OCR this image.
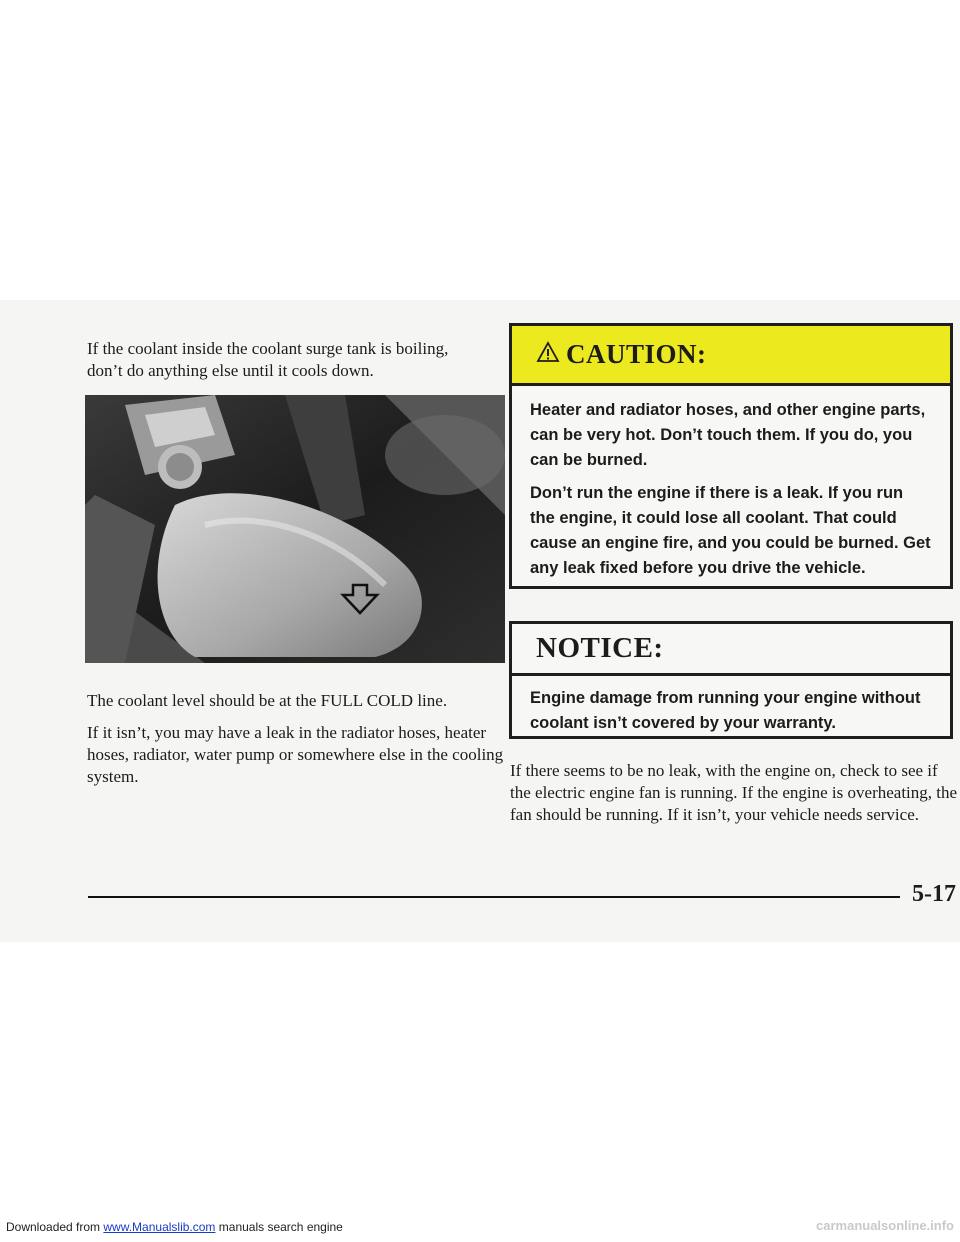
If the coolant inside the coolant surge tank is boiling, don’t do anything else until it cools down.

The coolant level should be at the FULL COLD line.

If it isn’t, you may have a leak in the radiator hoses, heater hoses, radiator, water pump or somewhere else in the cooling system.

CAUTION:

Heater and radiator hoses, and other engine parts, can be very hot. Don’t touch them. If you do, you can be burned.

Don’t run the engine if there is a leak. If you run the engine, it could lose all coolant. That could cause an engine fire, and you could be burned. Get any leak fixed before you drive the vehicle.

NOTICE:

Engine damage from running your engine without coolant isn’t covered by your warranty.

If there seems to be no leak, with the engine on, check to see if the electric engine fan is running. If the engine is overheating, the fan should be running. If it isn’t, your vehicle needs service.

5-17
Downloaded from www.Manualslib.com manuals search engine	carmanualsonline.info
